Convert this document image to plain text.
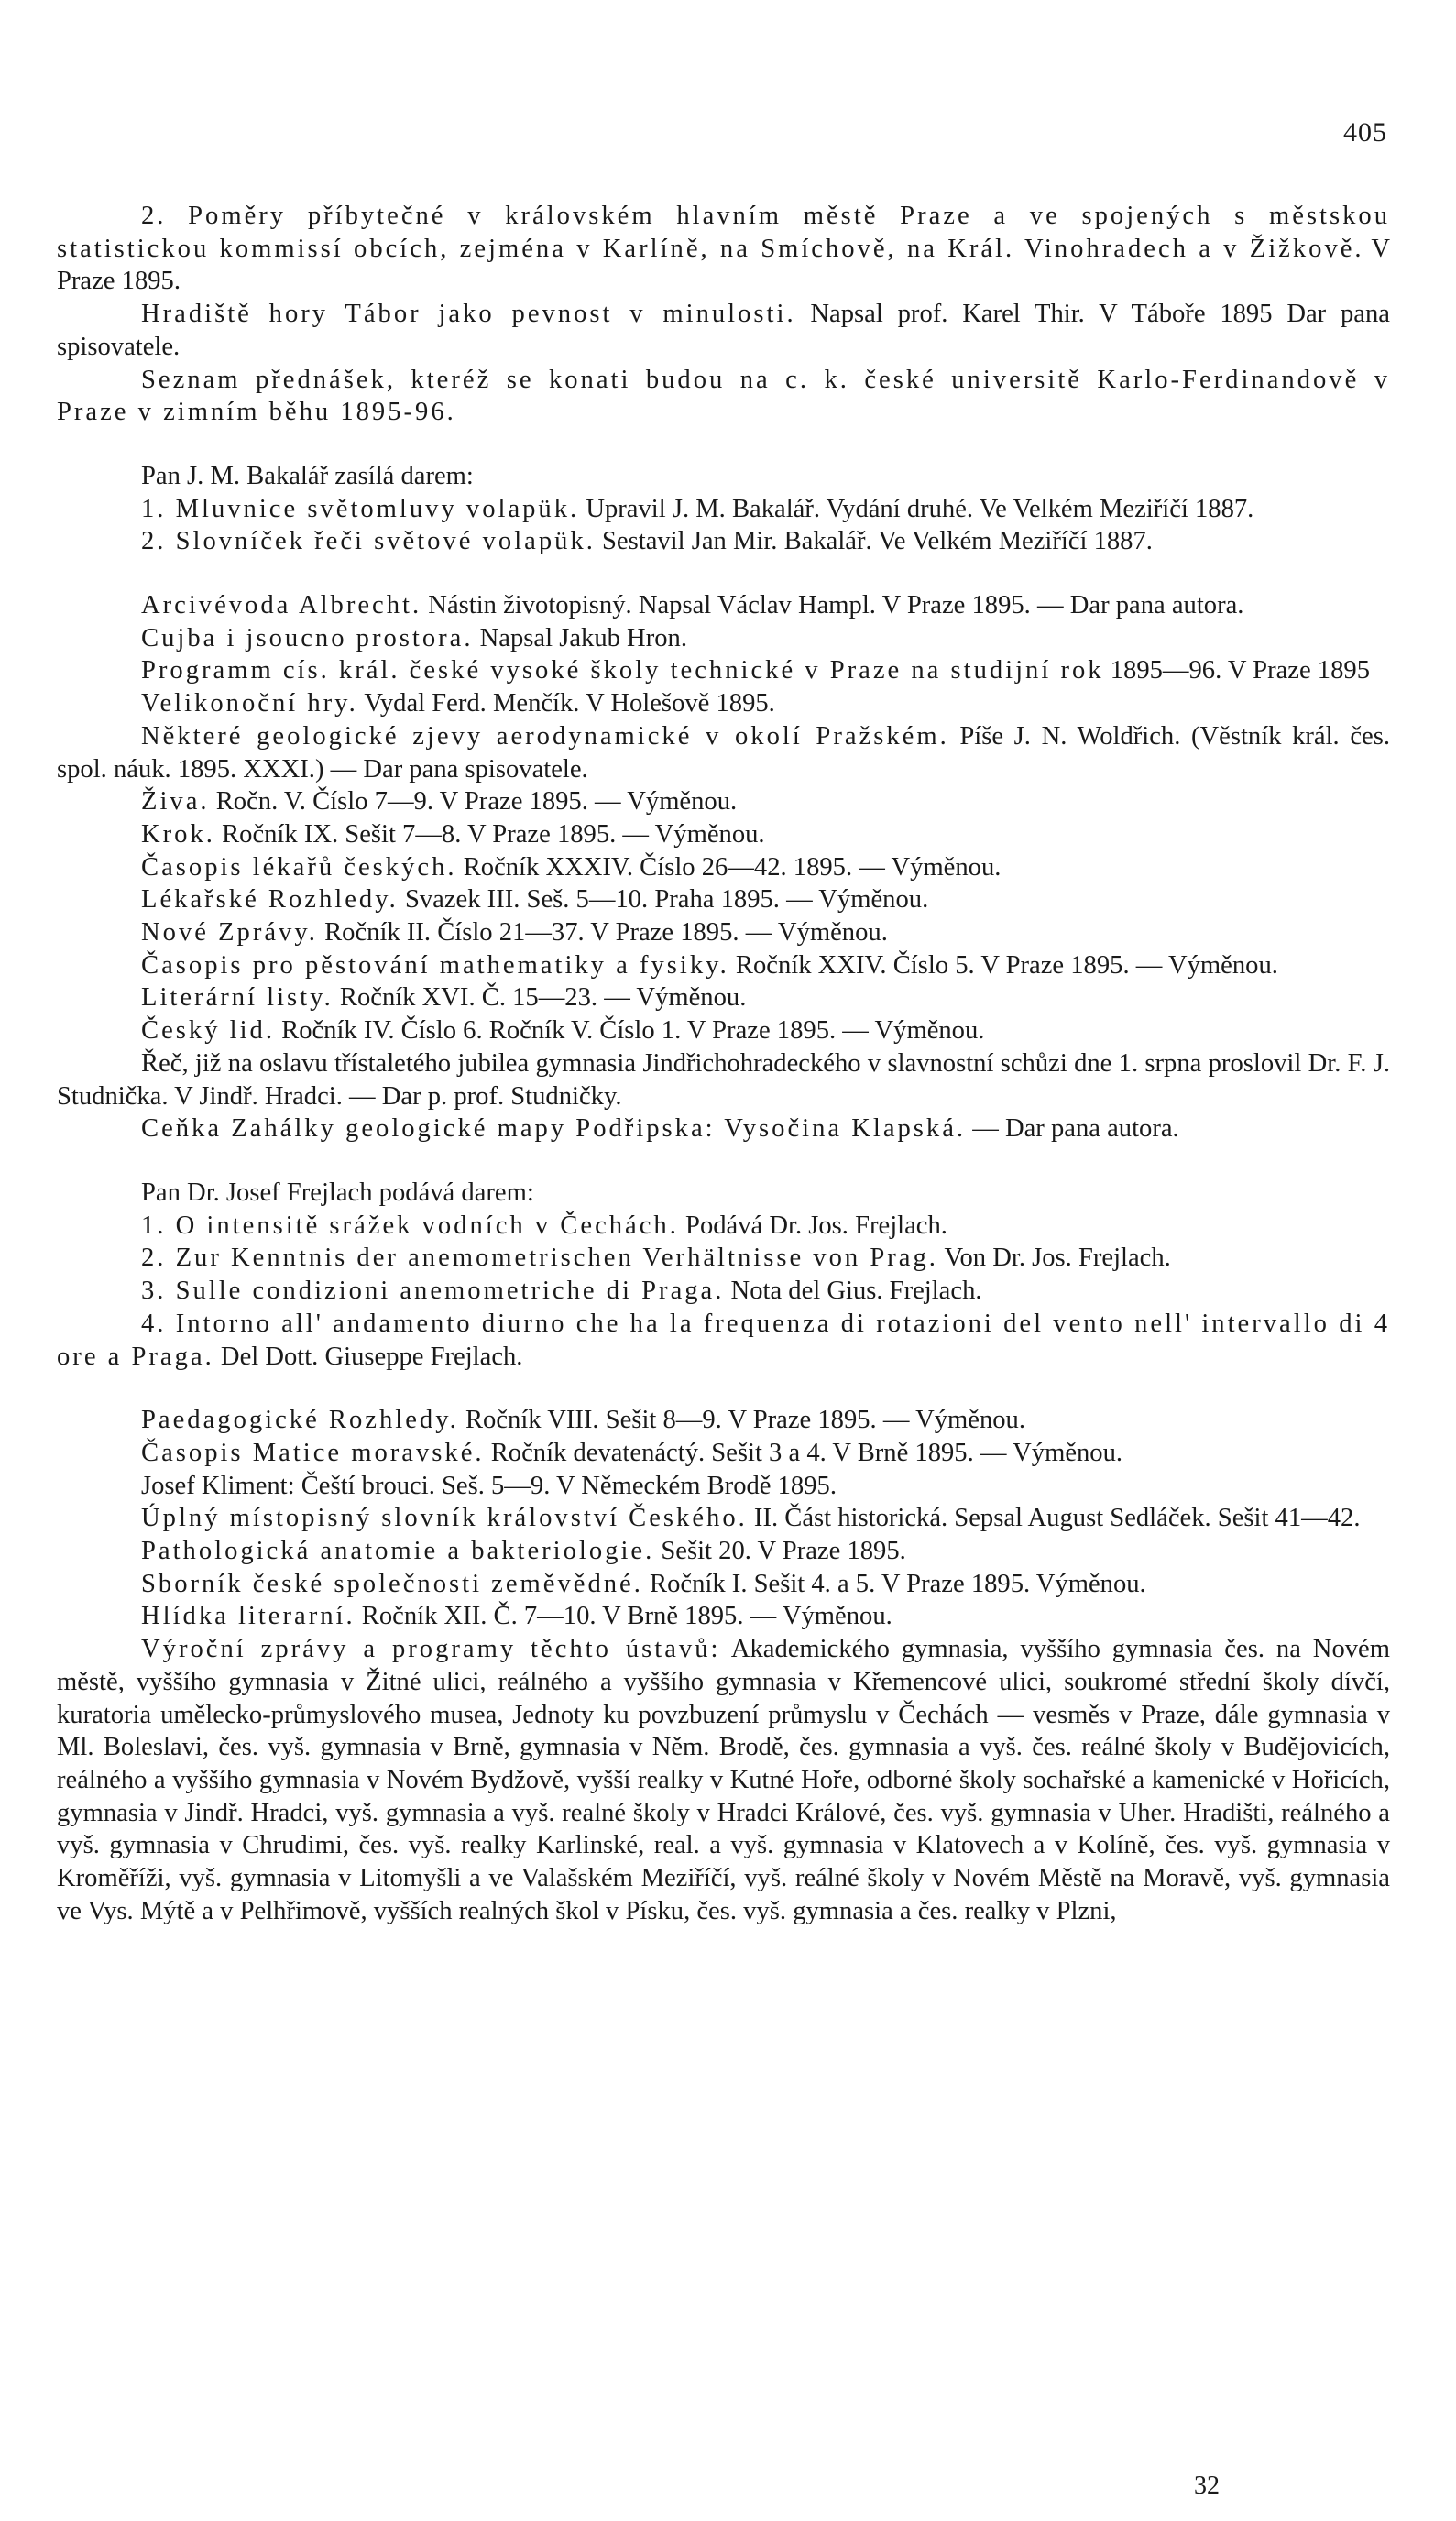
405

2. Poměry příbytečné v královském hlavním městě Praze a ve spojených s městskou statistickou kommissí obcích, zejména v Karlíně, na Smíchově, na Král. Vinohradech a v Žižkově. V Praze 1895.

Hradiště hory Tábor jako pevnost v minulosti. Napsal prof. Karel Thir. V Táboře 1895 Dar pana spisovatele.

Seznam přednášek, kteréž se konati budou na c. k. české universitě Karlo-Ferdinandově v Praze v zimním běhu 1895-96.

Pan J. M. Bakalář zasílá darem:

1. Mluvnice světomluvy volapük. Upravil J. M. Bakalář. Vydání druhé. Ve Velkém Meziříčí 1887.

2. Slovníček řeči světové volapük. Sestavil Jan Mir. Bakalář. Ve Velkém Meziříčí 1887.

Arcivévoda Albrecht. Nástin životopisný. Napsal Václav Hampl. V Praze 1895. — Dar pana autora.

Cujba i jsoucno prostora. Napsal Jakub Hron.

Programm cís. král. české vysoké školy technické v Praze na studijní rok 1895—96. V Praze 1895

Velikonoční hry. Vydal Ferd. Menčík. V Holešově 1895.

Některé geologické zjevy aerodynamické v okolí Pražském. Píše J. N. Woldřich. (Věstník král. čes. spol. náuk. 1895. XXXI.) — Dar pana spisovatele.

Živa. Ročn. V. Číslo 7—9. V Praze 1895. — Výměnou.

Krok. Ročník IX. Sešit 7—8. V Praze 1895. — Výměnou.

Časopis lékařů českých. Ročník XXXIV. Číslo 26—42. 1895. — Výměnou.

Lékařské Rozhledy. Svazek III. Seš. 5—10. Praha 1895. — Výměnou.

Nové Zprávy. Ročník II. Číslo 21—37. V Praze 1895. — Výměnou.

Časopis pro pěstování mathematiky a fysiky. Ročník XXIV. Číslo 5. V Praze 1895. — Výměnou.

Literární listy. Ročník XVI. Č. 15—23. — Výměnou.

Český lid. Ročník IV. Číslo 6. Ročník V. Číslo 1. V Praze 1895. — Výměnou.

Řeč, již na oslavu třístaletého jubilea gymnasia Jindřichohradeckého v slavnostní schůzi dne 1. srpna proslovil Dr. F. J. Studnička. V Jindř. Hradci. — Dar p. prof. Studničky.

Ceňka Zahálky geologické mapy Podřipska: Vysočina Klapská. — Dar pana autora.

Pan Dr. Josef Frejlach podává darem:

1. O intensitě srážek vodních v Čechách. Podává Dr. Jos. Frejlach.

2. Zur Kenntnis der anemometrischen Verhältnisse von Prag. Von Dr. Jos. Frejlach.

3. Sulle condizioni anemometriche di Praga. Nota del Gius. Frejlach.

4. Intorno all' andamento diurno che ha la frequenza di rotazioni del vento nell' intervallo di 4 ore a Praga. Del Dott. Giuseppe Frejlach.

Paedagogické Rozhledy. Ročník VIII. Sešit 8—9. V Praze 1895. — Výměnou.

Časopis Matice moravské. Ročník devatenáctý. Sešit 3 a 4. V Brně 1895. — Výměnou.

Josef Kliment: Čeští brouci. Seš. 5—9. V Německém Brodě 1895.

Úplný místopisný slovník království Českého. II. Část historická. Sepsal August Sedláček. Sešit 41—42.

Pathologická anatomie a bakteriologie. Sešit 20. V Praze 1895.

Sborník české společnosti zeměvědné. Ročník I. Sešit 4. a 5. V Praze 1895. Výměnou.

Hlídka literarní. Ročník XII. Č. 7—10. V Brně 1895. — Výměnou.

Výroční zprávy a programy těchto ústavů: Akademického gymnasia, vyššího gymnasia čes. na Novém městě, vyššího gymnasia v Žitné ulici, reálného a vyššího gymnasia v Křemencové ulici, soukromé střední školy dívčí, kuratoria umělecko-průmyslového musea, Jednoty ku povzbuzení průmyslu v Čechách — vesměs v Praze, dále gymnasia v Ml. Boleslavi, čes. vyš. gymnasia v Brně, gymnasia v Něm. Brodě, čes. gymnasia a vyš. čes. reálné školy v Budějovicích, reálného a vyššího gymnasia v Novém Bydžově, vyšší realky v Kutné Hoře, odborné školy sochařské a kamenické v Hořicích, gymnasia v Jindř. Hradci, vyš. gymnasia a vyš. realné školy v Hradci Králové, čes. vyš. gymnasia v Uher. Hradišti, reálného a vyš. gymnasia v Chrudimi, čes. vyš. realky Karlinské, real. a vyš. gymnasia v Klatovech a v Kolíně, čes. vyš. gymnasia v Kroměříži, vyš. gymnasia v Litomyšli a ve Valašském Meziříčí, vyš. reálné školy v Novém Městě na Moravě, vyš. gymnasia ve Vys. Mýtě a v Pelhřimově, vyšších realných škol v Písku, čes. vyš. gymnasia a čes. realky v Plzni,

32
